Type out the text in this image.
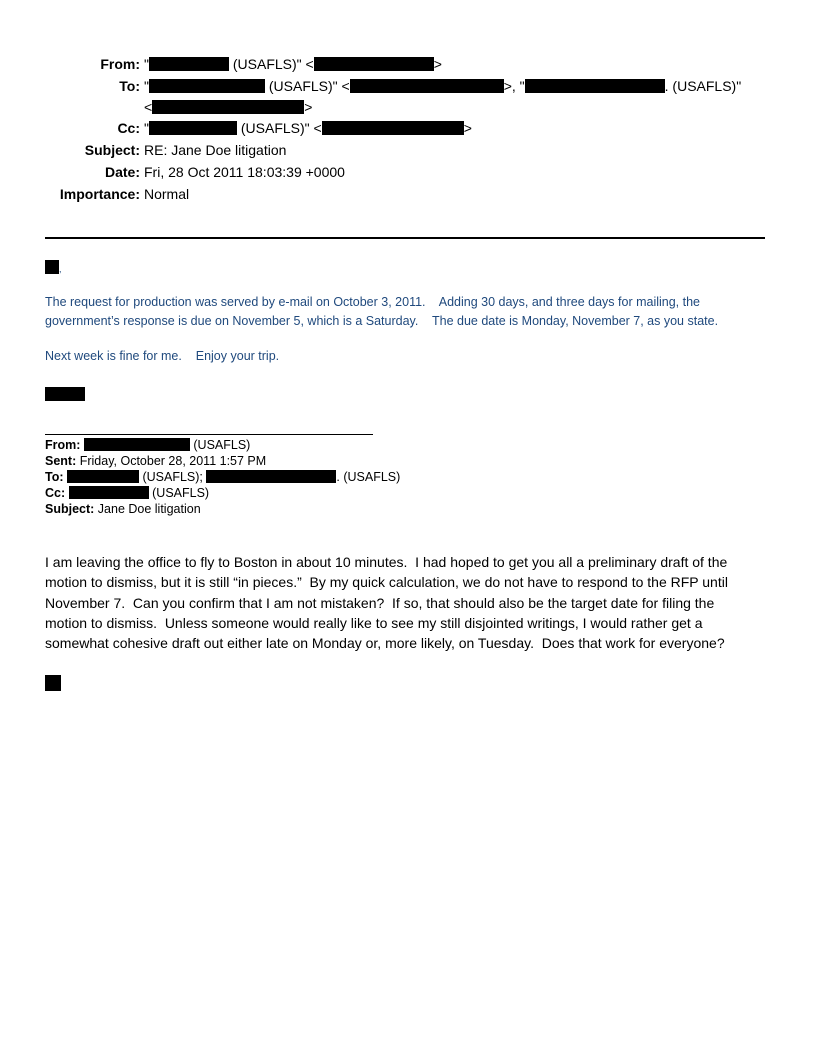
From: "	(USAFLS)" <	>
To: "	(USAFLS)" <	>, "	. (USAFLS)"
<	>
Cc: "	(USAFLS)" <	>
Subject: RE: Jane Doe litigation
Date: Fri, 28 Oct 2011 18:03:39 +0000
Importance: Normal
,
The request for production was served by e-mail on October 3, 2011.    Adding 30 days, and three days for mailing, the
government’s response is due on November 5, which is a Saturday.    The due date is Monday, November 7, as you state.
Next week is fine for me.    Enjoy your trip.
From:	(USAFLS)
Sent: Friday, October 28, 2011 1:57 PM
To:	(USAFLS);	. (USAFLS)
Cc:	(USAFLS)
Subject: Jane Doe litigation
I am leaving the office to fly to Boston in about 10 minutes.  I had hoped to get you all a preliminary draft of the
motion to dismiss, but it is still “in pieces.”  By my quick calculation, we do not have to respond to the RFP until
November 7.  Can you confirm that I am not mistaken?  If so, that should also be the target date for filing the
motion to dismiss.  Unless someone would really like to see my still disjointed writings, I would rather get a
somewhat cohesive draft out either late on Monday or, more likely, on Tuesday.  Does that work for everyone?
